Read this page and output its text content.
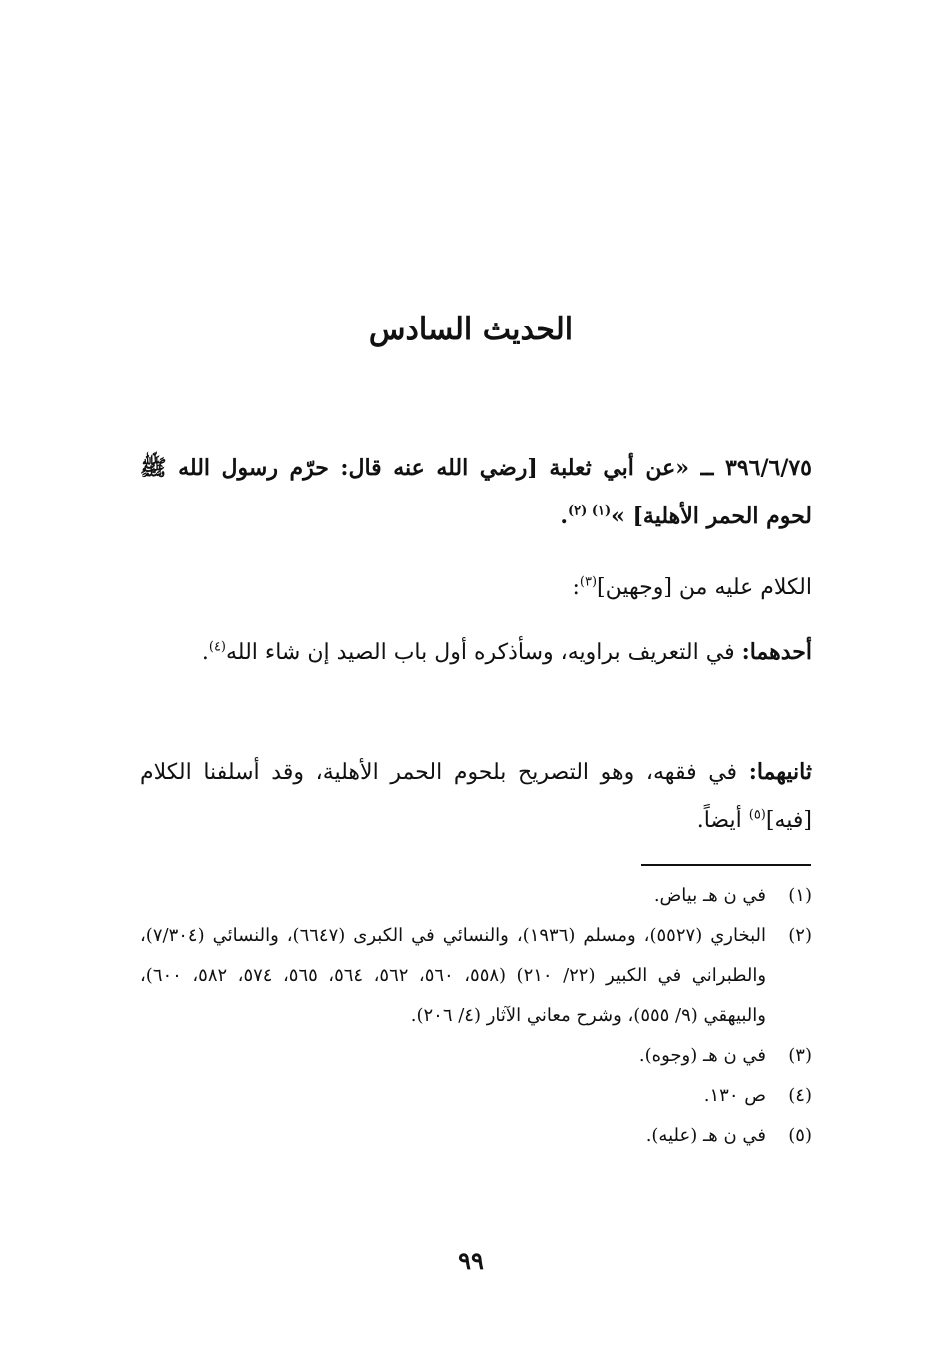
الحديث السادس
٣٩٦/٦/٧٥ ــ «عن أبي ثعلبة [رضي الله عنه قال: حرّم رسول الله ﷺ لحوم الحمر الأهلية] »$^{(١) (٢)}$.
الكلام عليه من [وجهين]$^{(٣)}$:
أحدهما: في التعريف براويه، وسأذكره أول باب الصيد إن شاء الله$^{(٤)}$.
ثانيهما: في فقهه، وهو التصريح بلحوم الحمر الأهلية، وقد أسلفنا الكلام [فيه]$^{(٥)}$ أيضاً.
(١)
في ن هـ بياض.
(٢)
البخاري (٥٥٢٧)، ومسلم (١٩٣٦)، والنسائي في الكبرى (٦٦٤٧)، والنسائي (٧/٣٠٤)، والطبراني في الكبير (٢٢/ ٢١٠) (٥٥٨، ٥٦٠، ٥٦٢، ٥٦٤، ٥٦٥، ٥٧٤، ٥٨٢، ٦٠٠)، والبيهقي (٩/ ٥٥٥)، وشرح معاني الآثار (٤/ ٢٠٦).
(٣)
في ن هـ (وجوه).
(٤)
ص ١٣٠.
(٥)
في ن هـ (عليه).
٩٩
